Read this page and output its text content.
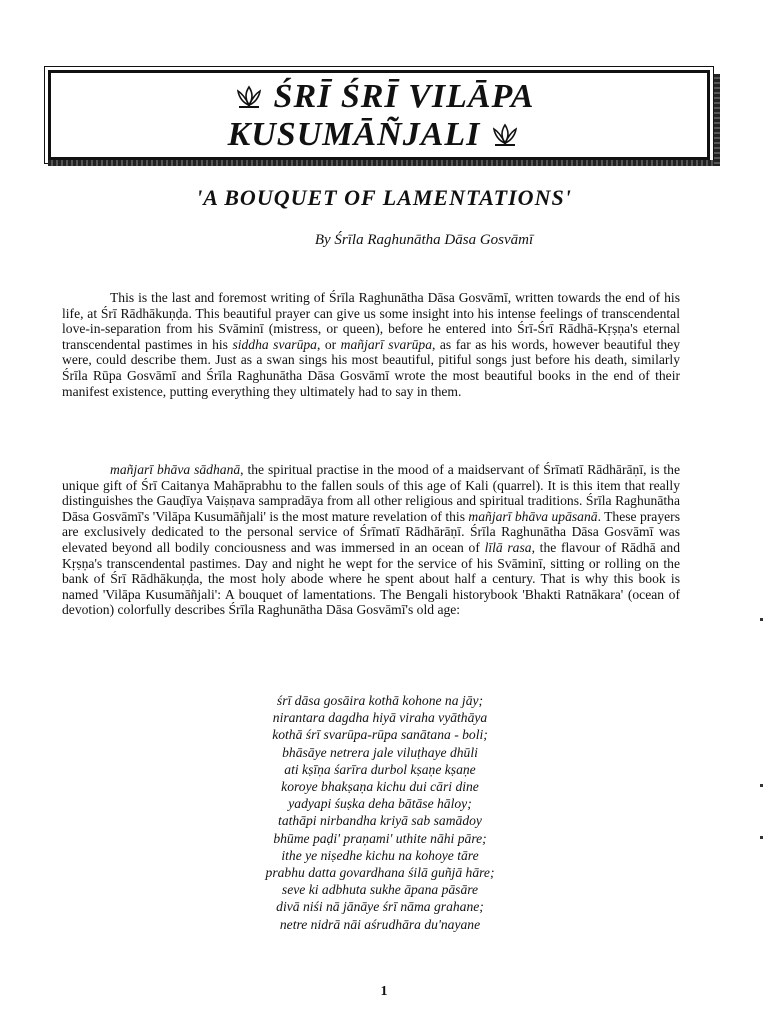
ŚRĪ ŚRĪ VILĀPA
KUSUMĀÑJALI
'A BOUQUET OF LAMENTATIONS'
By Śrīla Raghunātha Dāsa Gosvāmī

This is the last and foremost writing of Śrīla Raghunātha Dāsa Gosvāmī, written towards the end of his life, at Śrī Rādhākuṇḍa. This beautiful prayer can give us some insight into his intense feelings of transcendental love-in-separation from his Svāminī (mistress, or queen), before he entered into Śrī-Śrī Rādhā-Kṛṣṇa's eternal transcendental pastimes in his siddha svarūpa, or mañjarī svarūpa, as far as his words, however beautiful they were, could describe them. Just as a swan sings his most beautiful, pitiful songs just before his death, similarly Śrīla Rūpa Gosvāmī and Śrīla Raghunātha Dāsa Gosvāmī wrote the most beautiful books in the end of their manifest existence, putting everything they ultimately had to say in them.

mañjarī bhāva sādhanā, the spiritual practise in the mood of a maidservant of Śrīmatī Rādhārāṇī, is the unique gift of Śrī Caitanya Mahāprabhu to the fallen souls of this age of Kali (quarrel). It is this item that really distinguishes the Gauḍīya Vaiṣṇava sampradāya from all other religious and spiritual traditions. Śrīla Raghunātha Dāsa Gosvāmī's 'Vilāpa Kusumāñjali' is the most mature revelation of this mañjarī bhāva upāsanā. These prayers are exclusively dedicated to the personal service of Śrīmatī Rādhārāṇī. Śrīla Raghunātha Dāsa Gosvāmī was elevated beyond all bodily conciousness and was immersed in an ocean of līlā rasa, the flavour of Rādhā and Kṛṣṇa's transcendental pastimes. Day and night he wept for the service of his Svāminī, sitting or rolling on the bank of Śrī Rādhākuṇḍa, the most holy abode where he spent about half a century. That is why this book is named 'Vilāpa Kusumāñjali': A bouquet of lamentations. The Bengali historybook 'Bhakti Ratnākara' (ocean of devotion) colorfully describes Śrīla Raghunātha Dāsa Gosvāmī's old age:

śrī dāsa gosāira kothā kohone na jāy;
nirantara dagdha hiyā viraha vyāthāya
kothā śrī svarūpa-rūpa sanātana - boli;
bhāsāye netrera jale viluṭhaye dhūli
ati kṣīṇa śarīra durbol kṣaṇe kṣaṇe
koroye bhakṣaṇa kichu dui cāri dine
yadyapi śuṣka deha bātāse hāloy;
tathāpi nirbandha kriyā sab samādoy
bhūme paḍi' praṇami' uthite nāhi pāre;
ithe ye niṣedhe kichu na kohoye tāre
prabhu datta govardhana śilā guñjā hāre;
seve ki adbhuta sukhe āpana pāsāre
divā niśi nā jānāye śrī nāma grahane;
netre nidrā nāi aśrudhāra du'nayane
1
